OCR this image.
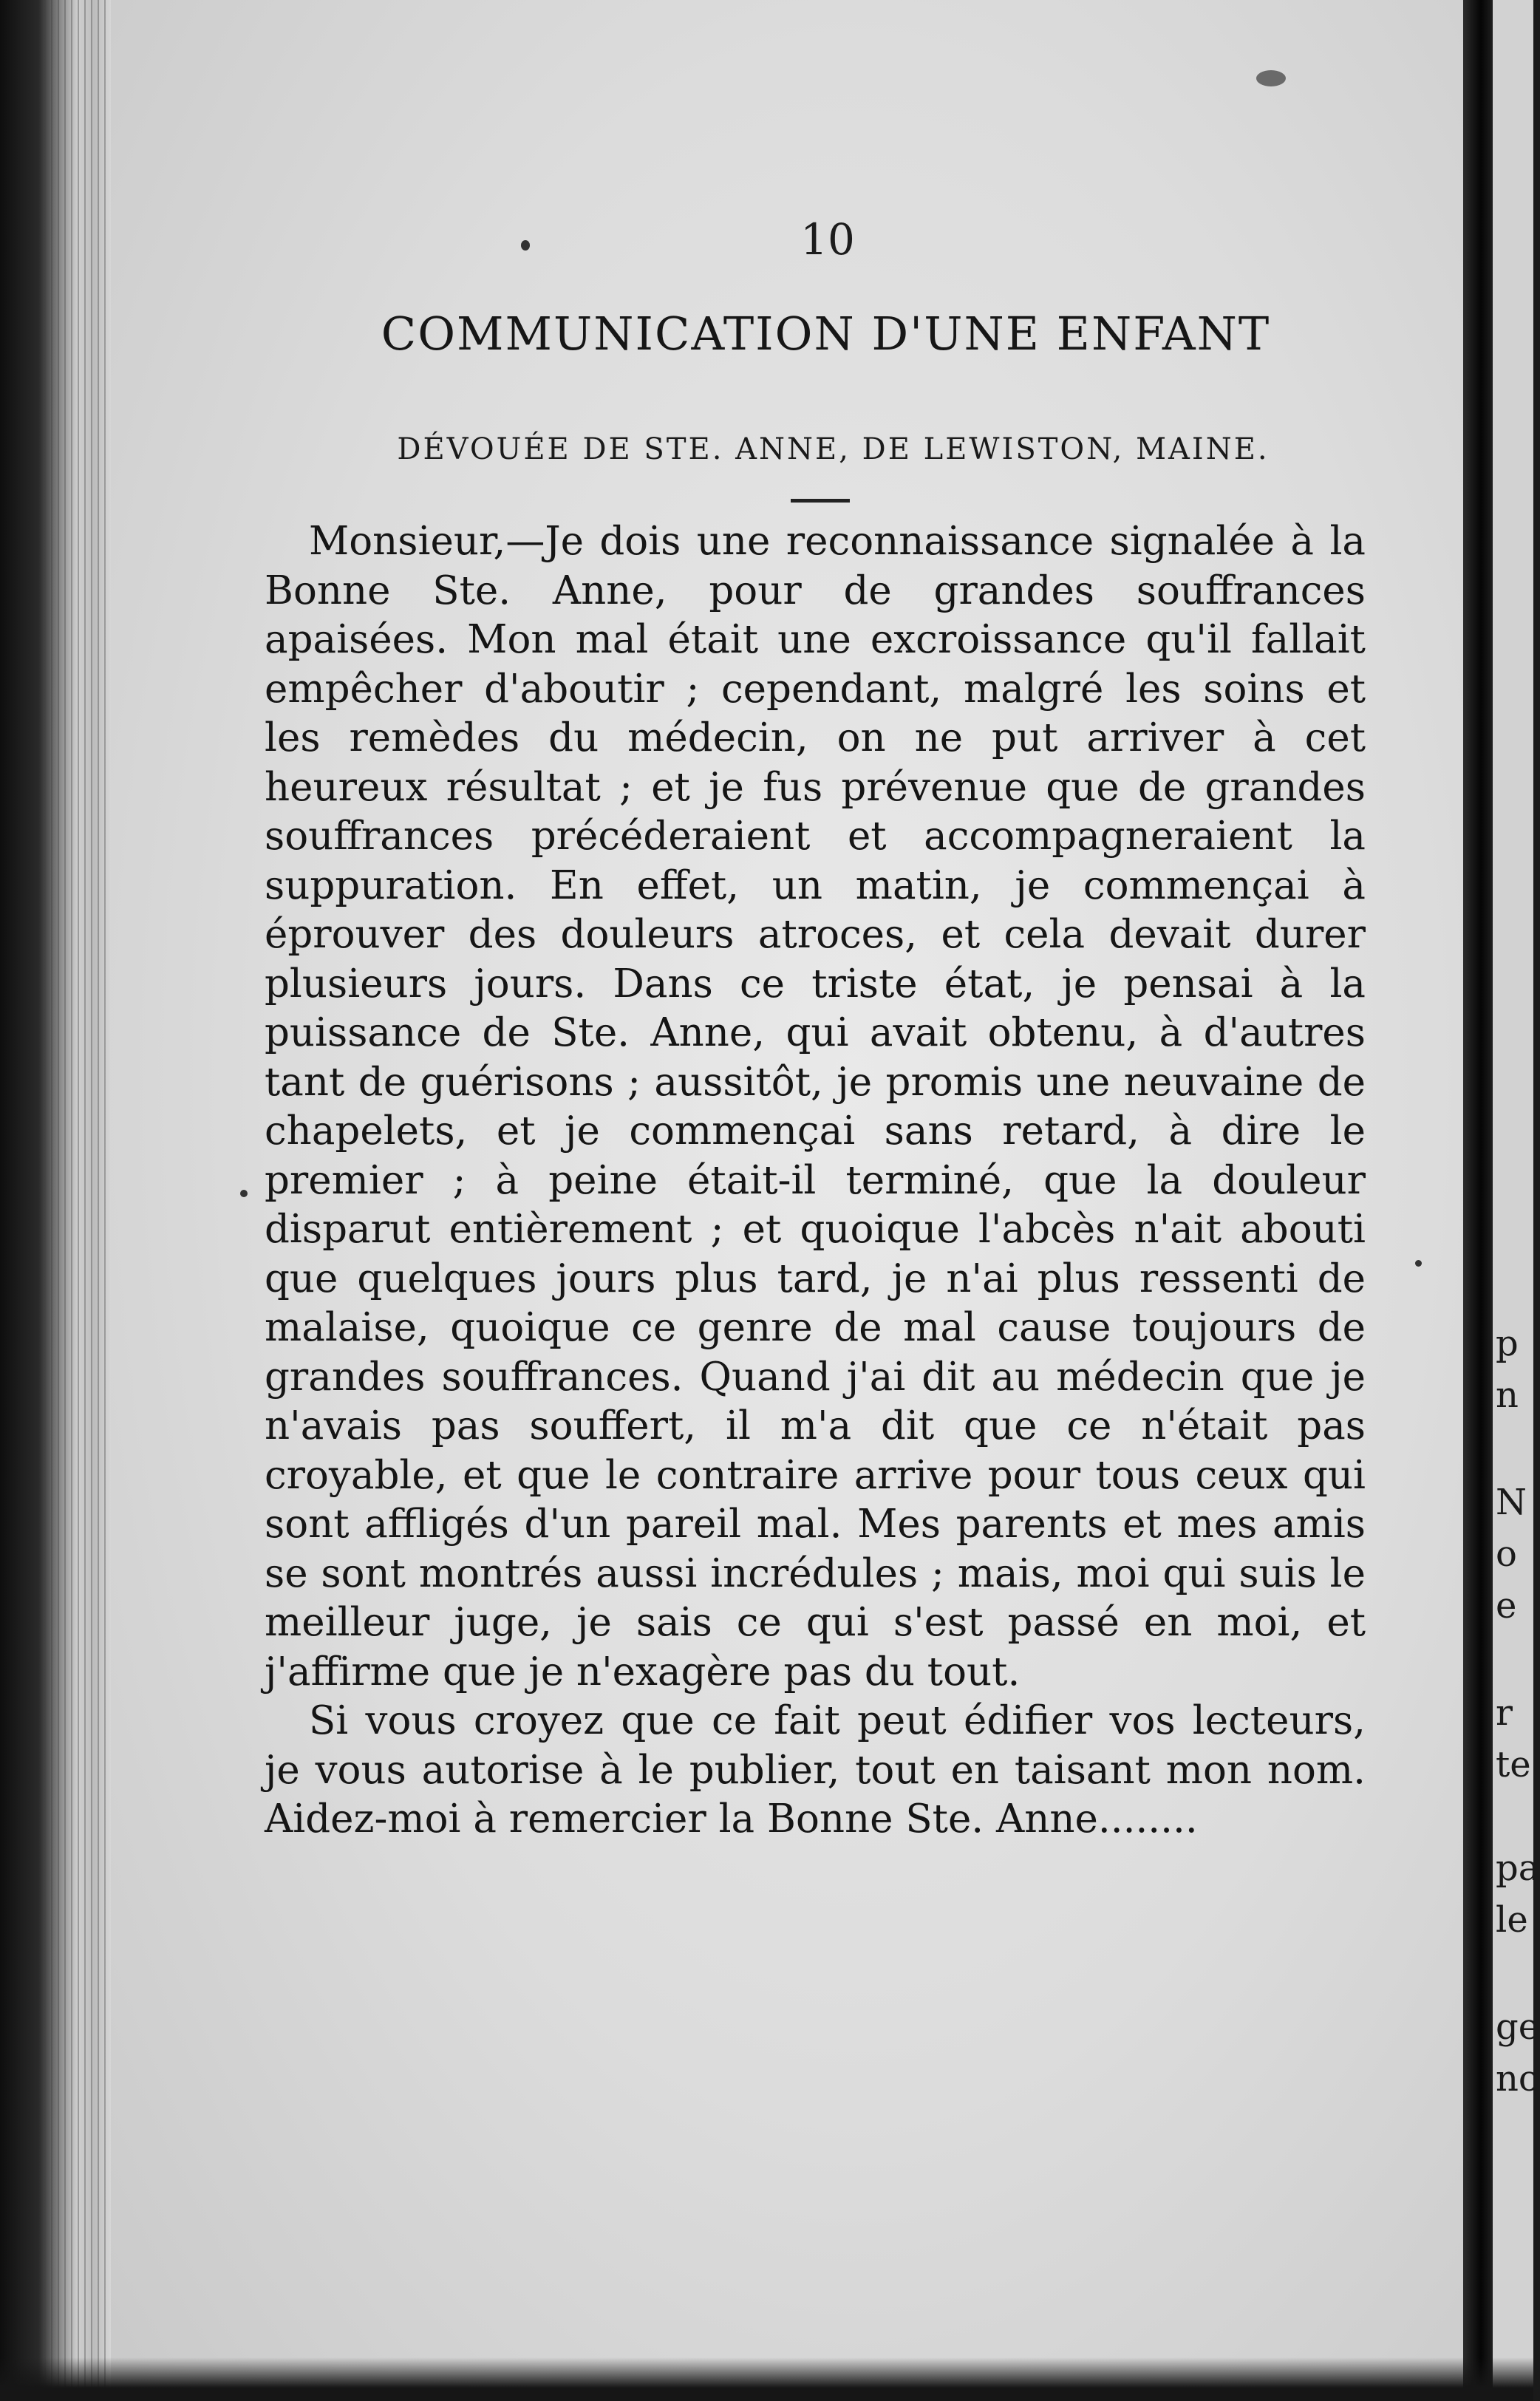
p
n
N
o
e
r
te
pa
le
ge
no
10
COMMUNICATION D'UNE ENFANT
DÉVOUÉE DE STE. ANNE, DE LEWISTON, MAINE.

Monsieur,—Je dois une reconnaissance signalée à la Bonne Ste. Anne, pour de grandes souffrances apaisées. Mon mal était une excroissance qu'il fallait empêcher d'aboutir ; cependant, malgré les soins et les remèdes du médecin, on ne put arriver à cet heureux résultat ; et je fus prévenue que de grandes souffrances précéderaient et accompagneraient la suppuration. En effet, un matin, je commençai à éprouver des douleurs atroces, et cela devait durer plusieurs jours. Dans ce triste état, je pensai à la puissance de Ste. Anne, qui avait obtenu, à d'autres tant de guérisons ; aussitôt, je promis une neuvaine de chapelets, et je commençai sans retard, à dire le premier ; à peine était-il terminé, que la douleur disparut entièrement ; et quoique l'abcès n'ait abouti que quelques jours plus tard, je n'ai plus ressenti de malaise, quoique ce genre de mal cause toujours de grandes souffrances. Quand j'ai dit au médecin que je n'avais pas souffert, il m'a dit que ce n'était pas croyable, et que le contraire arrive pour tous ceux qui sont affligés d'un pareil mal. Mes parents et mes amis se sont montrés aussi incrédules ; mais, moi qui suis le meilleur juge, je sais ce qui s'est passé en moi, et j'affirme que je n'exagère pas du tout.

Si vous croyez que ce fait peut édifier vos lecteurs, je vous autorise à le publier, tout en taisant mon nom. Aidez-moi à remercier la Bonne Ste. Anne........
